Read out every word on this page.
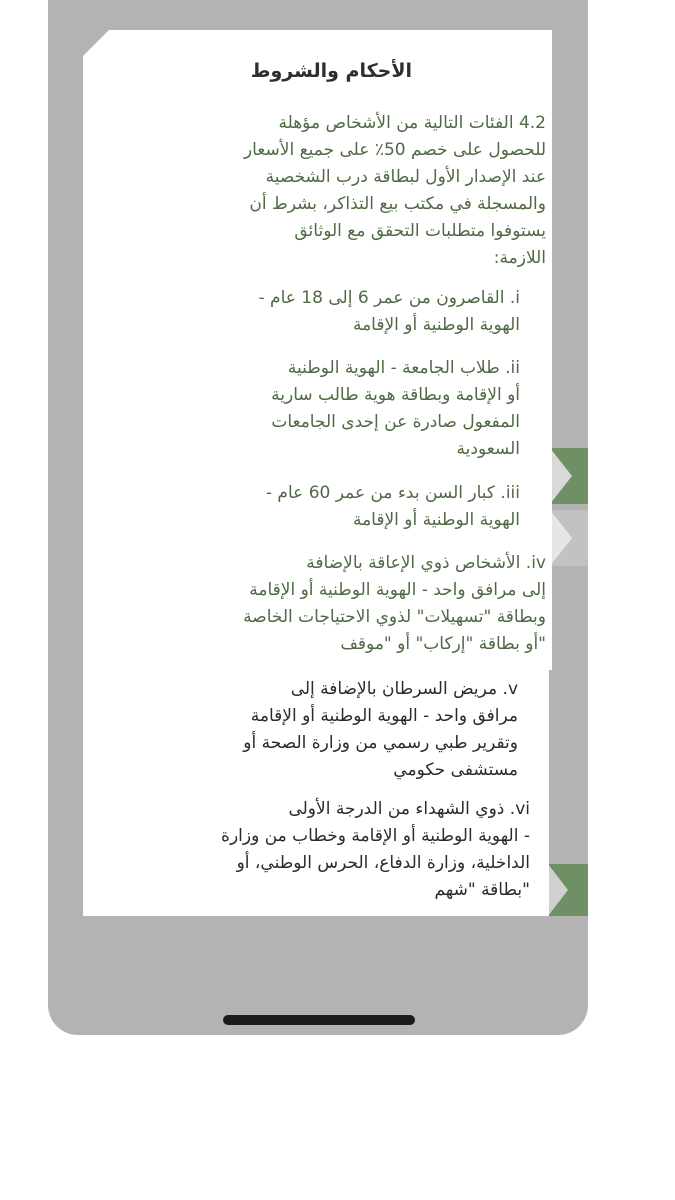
الأحكام والشروط
4.2 الفئات التالية من الأشخاص مؤهلة
للحصول على خصم 50٪ على جميع الأسعار
عند الإصدار الأول لبطاقة درب الشخصية
والمسجلة في مكتب بيع التذاكر، بشرط أن
يستوفوا متطلبات التحقق مع الوثائق
اللازمة:
i. القاصرون من عمر 6 إلى 18 عام -
الهوية الوطنية أو الإقامة
ii. طلاب الجامعة - الهوية الوطنية
أو الإقامة وبطاقة هوية طالب سارية
المفعول صادرة عن إحدى الجامعات
السعودية
iii. كبار السن بدء من عمر 60 عام -
الهوية الوطنية أو الإقامة
iv. الأشخاص ذوي الإعاقة بالإضافة
إلى مرافق واحد - الهوية الوطنية أو الإقامة
وبطاقة "تسهيلات" لذوي الاحتياجات الخاصة
"أو بطاقة "إركاب" أو "موقف
v. مريض السرطان بالإضافة إلى
مرافق واحد - الهوية الوطنية أو الإقامة
وتقرير طبي رسمي من وزارة الصحة أو
مستشفى حكومي
vi. ذوي الشهداء من الدرجة الأولى
- الهوية الوطنية أو الإقامة وخطاب من وزارة
الداخلية، وزارة الدفاع، الحرس الوطني، أو
"بطاقة "شهم
